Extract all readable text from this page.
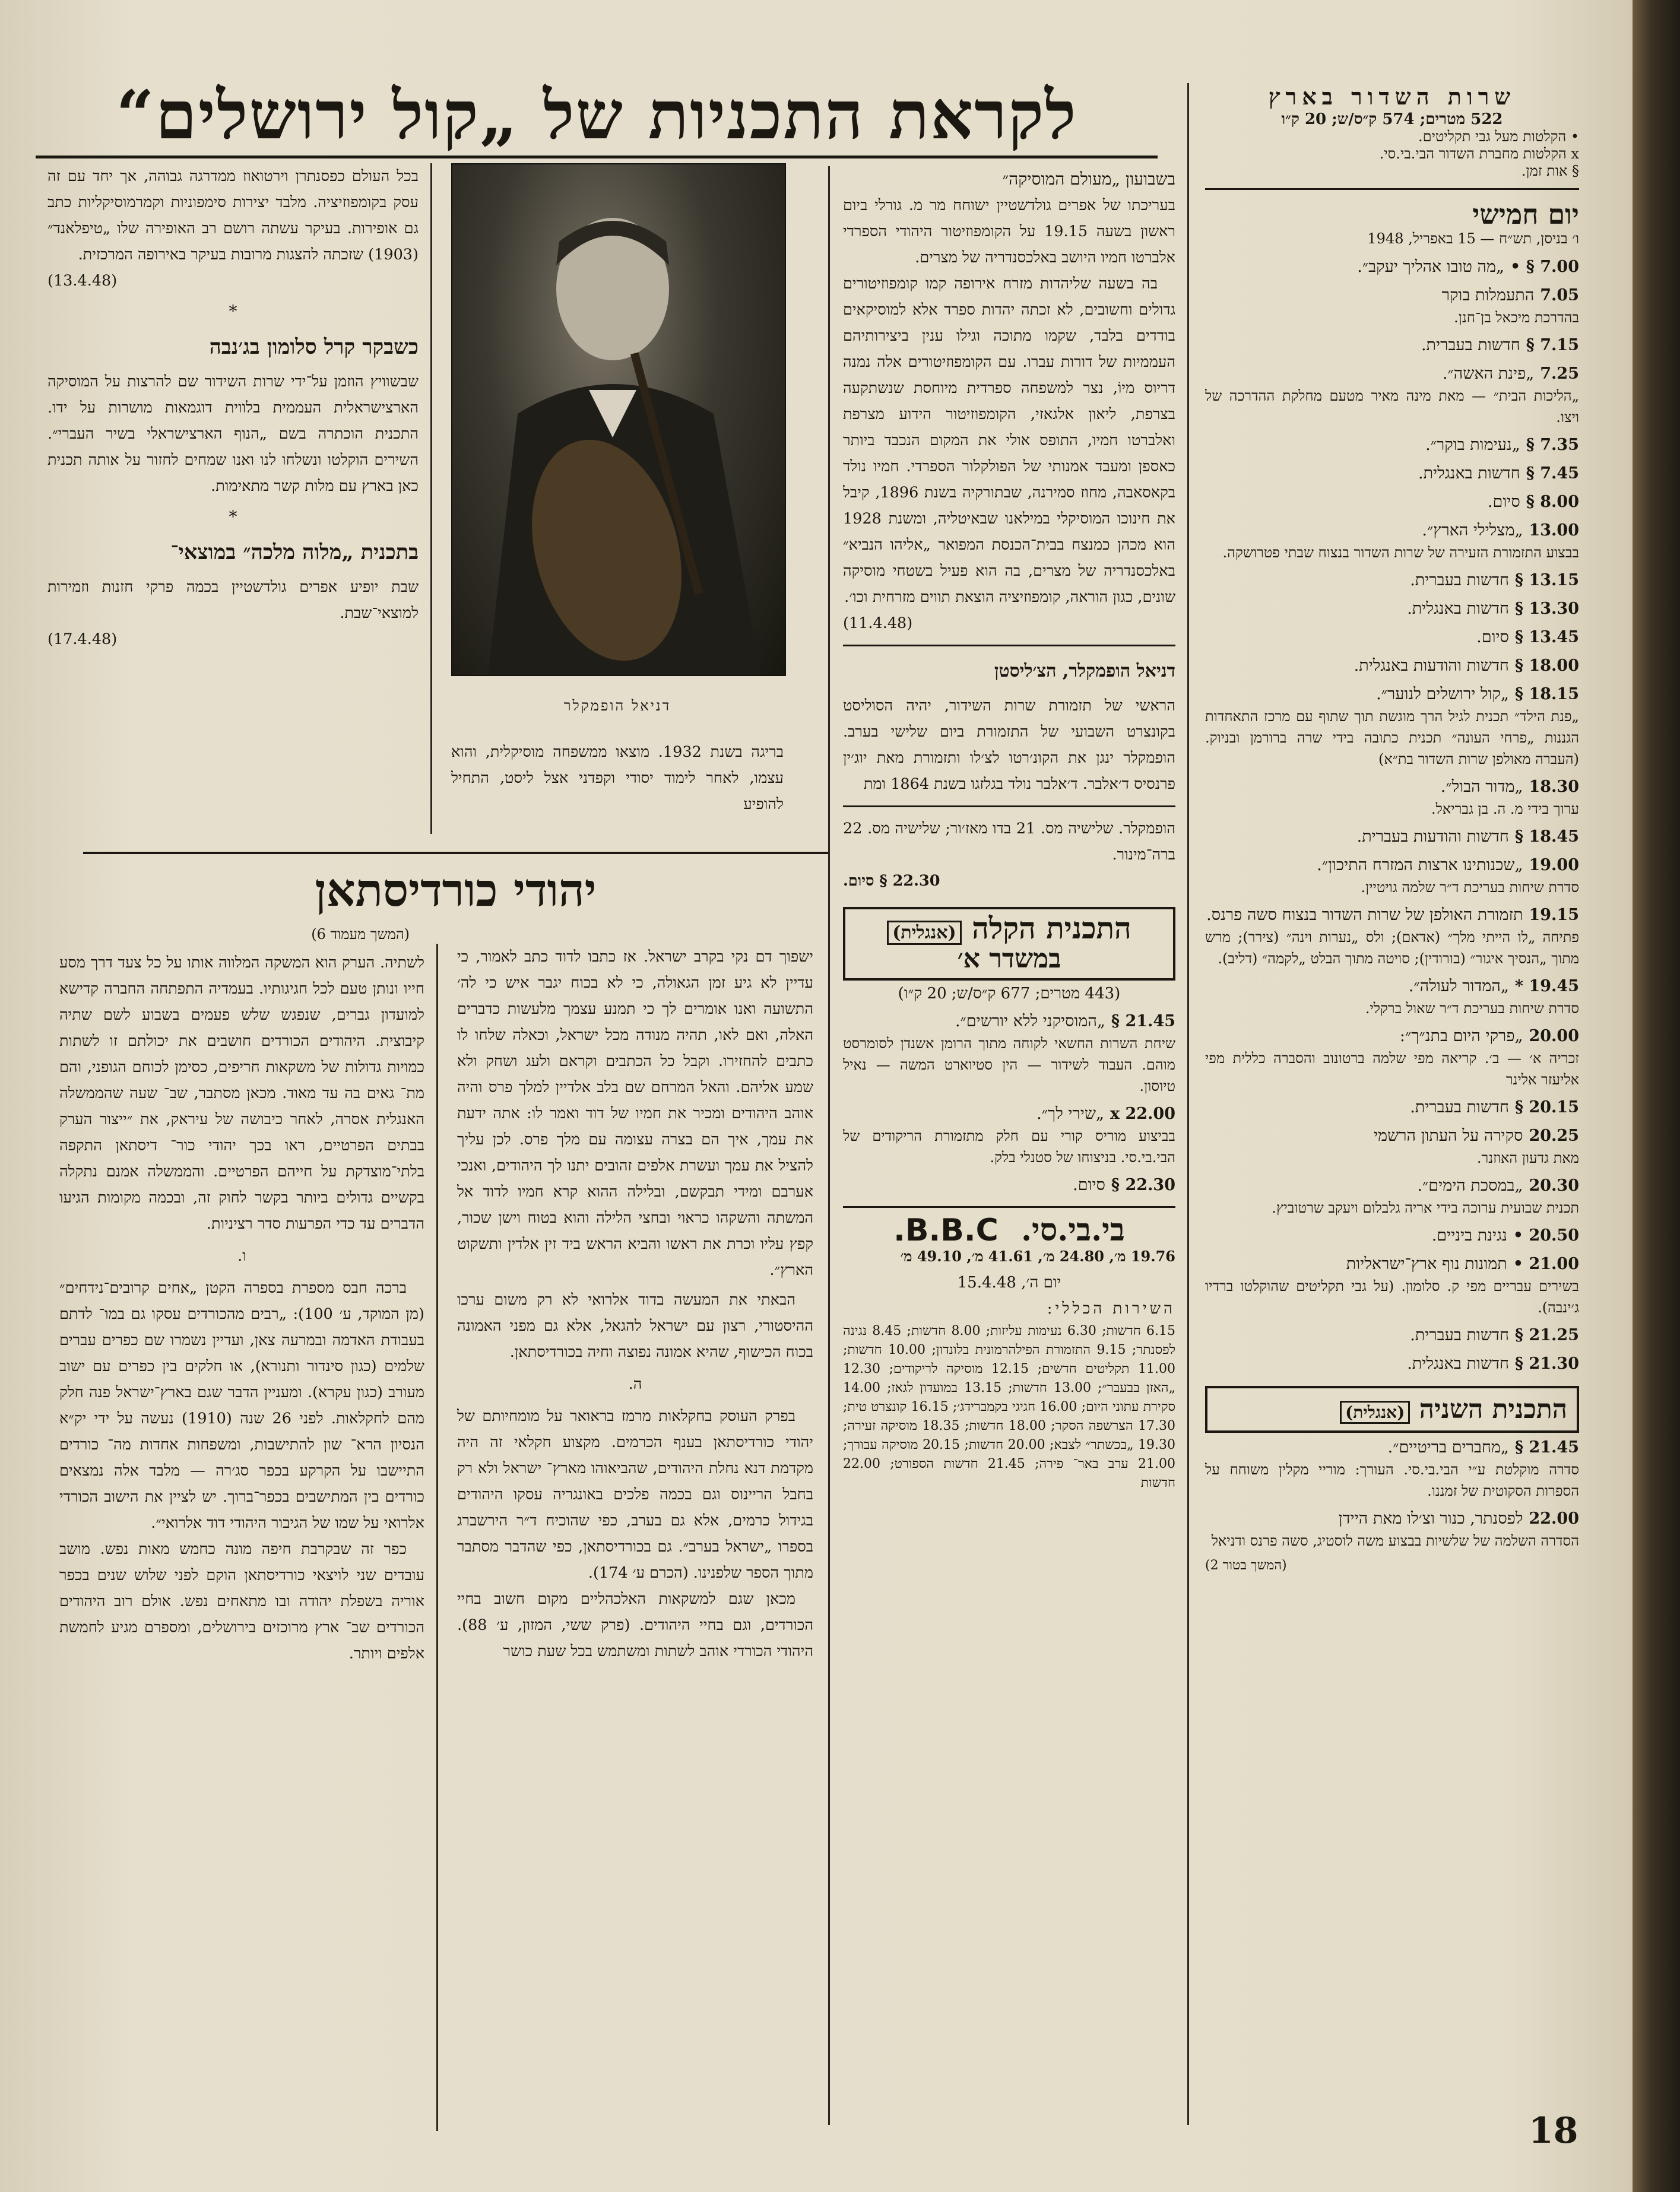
לקראת התכניות של „קול ירושלים“	שרות השדור בארץ
522 מטרים; 574 ק״ס/ש; 20 ק״ו
• הקלטות מעל גבי תקליטים.
x הקלטות מחברת השדור הבי.בי.סי.
§ אות זמן.
יום חמישי
ו׳ בניסן, תש״ח — 15 באפריל, 1948
7.00 § •„מה טובו אהליך יעקב״.
7.05התעמלות בוקר
בהדרכת מיכאל בן־חנן.
7.15 §חדשות בעברית.
7.25„פינת האשה״.
„הליכות הבית״ — מאת מינה מאיר מטעם מחלקת ההדרכה של ויצו.
7.35 §„נעימות בוקר״.
7.45 §חדשות באנגלית.
8.00 §סיום.
13.00„מצלילי הארץ״.
בבצוע התזמורת הזעירה של שרות השדור בנצוח שבתי פטרושקה.
13.15 §חדשות בעברית.
13.30 §חדשות באנגלית.
13.45 §סיום.
18.00 §חדשות והודעות באנגלית.
18.15 §„קול ירושלים לנוער״.
„פנת הילד״ תכנית לגיל הרך מוגשת תוך שתוף עם מרכז התאחדות הגננות „פרחי העונה״ תכנית כתובה בידי שרה ברורמן ובניוק. (העברה מאולפן שרות השדור בת״א)
18.30„מדור הבול״.
ערוך בידי מ. ה. בן גבריאל.
18.45 §חדשות והודעות בעברית.
19.00„שכנותינו ארצות המזרח התיכון״.
סדרת שיחות בעריכת ד״ר שלמה גויטיין.
19.15תזמורת האולפן של שרות השדור בנצוח סשה פרנס.
פתיחה „לו הייתי מלך״ (אדאם); ולס „נערות וינה״ (צירר); מרש מתוך „הנסיך איגור״ (בורודין); סויטה מתוך הבלט „לקמה״ (דליב).
19.45 *„המדור לעולה״.
סדרת שיחות בעריכת ד״ר שאול ברקלי.
20.00„פרקי היום בתנ״ך״:
זכריה א׳ — ב׳. קריאה מפי שלמה ברטונוב והסברה כללית מפי אליעזר אלינר
20.15 §חדשות בעברית.
20.25סקירה על העתון הרשמי
מאת גדעון האוזנר.
20.30„במסכת הימים״.
תכנית שבועית ערוכה בידי אריה גלבלום ויעקב שרטוביץ.
20.50 •נגינת ביניים.
21.00 •תמונות נוף ארץ־ישראליות
בשירים עבריים מפי ק. סלומון. (על גבי תקליטים שהוקלטו ברדיו ג׳ינבה).
21.25 §חדשות בעברית.
21.30 §חדשות באנגלית.
התכנית השניה (אנגלית)
21.45 §„מחברים בריטיים״.
סדרה מוקלטת ע״י הבי.בי.סי. העורך: מוריי מקלין משוחח על הספרות הסקוטית של זמננו.
22.00לפסנתר, כנור וצ׳לו מאת היידן
הסדרה השלמה של שלשיות בבצוע משה לוסטיג, סשה פרנס ודניאל
(המשך בטור 2)
בשבועון „מעולם המוסיקה״
בעריכתו של אפרים גולדשטיין ישוחח מר מ. גורלי ביום ראשון בשעה 19.15 על הקומפוזיטור היהודי הספרדי אלברטו חמיו היושב באלכסנדריה של מצרים.
בה בשעה שליהדות מזרח אירופה קמו קומפוזיטורים גדולים וחשובים, לא זכתה יהדות ספרד אלא למוסיקאים בודדים בלבד, שקמו מתוכה וגילו ענין ביצירותיהם העממיות של דורות עברו. עם הקומפוזיטורים אלה נמנה דריוס מיוֹ, נצר למשפחה ספרדית מיוחסת שנשתקעה בצרפת, ליאון אלגאזי, הקומפוזיטור הידוע מצרפת ואלברטו חמיו, התופס אולי את המקום הנכבד ביותר כאספן ומעבד אמנותי של הפולקלור הספרדי. חמיו נולד בקאסאבה, מחוז סמירנה, שבתורקיה בשנת 1896, קיבל את חינוכו המוסיקלי במילאנו שבאיטליה, ומשנת 1928 הוא מכהן כמנצח בבית־הכנסת המפואר „אליהו הנביא״ באלכסנדריה של מצרים, בה הוא פעיל בשטחי מוסיקה שונים, כגון הוראה, קומפוזיציה הוצאת תווים מזרחית וכו׳.
(11.4.48)
דניאל הופמקלר, הצ׳ליסטן
הראשי של תזמורת שרות השידור, יהיה הסוליסט בקונצרט השבועי של התזמורת ביום שלישי בערב. הופמקלר ינגן את הקונ׳רטו לצ׳לו ותזמורת מאת יוג׳ין פרנסיס ד׳אלבר. ד׳אלבר נולד בגלזגו בשנת 1864 ומת
הופמקלר. שלישיה מס. 21 בדו מאז׳ור; שלישיה מס. 22 ברה־מינור.
22.30 § סיום.
התכנית הקלה (אנגלית)
במשדר א׳
(443 מטרים; 677 ק״ס/ש; 20 ק״ו)
21.45 §„המוסיקני ללא יורשים״.
שיחת השרות החשאי לקוחה מתוך הרומן אשנדן לסומרסט מוהם. העבוד לשידור — הין סטיוארט המשה — נאיל טיוסון.
22.00 x„שירי לך״.
בביצוע מוריס קורי עם חלק מתזמורת הריקודים של הבי.בי.סי. בניצוחו של סטנלי בלק.
22.30 §סיום.
בי.בי.סי. B.B.C.
19.76 מ׳, 24.80 מ׳, 41.61 מ׳, 49.10 מ׳
יום ה׳, 15.4.48
השירות הכללי:
6.15 חדשות; 6.30 נעימות עליזות; 8.00 חדשות; 8.45 נגינה לפסנתר; 9.15 התזמורת הפילהרמונית בלונדון; 10.00 חדשות; 11.00 תקליטים חדשים; 12.15 מוסיקה לריקודים; 12.30 „האזן בבעבר״; 13.00 חדשות; 13.15 במועדון לגאז; 14.00 סקירת עתוני היום; 16.00 חגיגי בקמברידג׳; 16.15 קונצרט טית; 17.30 הצרשפה הסקר; 18.00 חדשות; 18.35 מוסיקה זעירה; 19.30 „בכשתר״ לצבא; 20.00 חדשות; 20.15 מוסיקה עבורך; 21.00 ערב באר־ פירה; 21.45 חדשות הספורט; 22.00 חדשות
דניאל הופמקלר
בריגה בשנת 1932. מוצאו ממשפחה מוסיקלית, והוא עצמו, לאחר לימוד יסודי וקפדני אצל ליסט, התחיל להופיע
בכל העולם כפסנתרן וירטואוז ממדרגה גבוהה, אך יחד עם זה עסק בקומפוזיציה. מלבד יצירות סימפוניות וקמרמוסיקליות כתב גם אופירות. בעיקר עשתה רושם רב האופירה שלו „טיפלאנד״ (1903) שזכתה להצגות מרובות בעיקר באירופה המרכזית.
(13.4.48)
*
כשבקר קרל סלומון בג׳נבה
שבשוויץ הוזמן על־ידי שרות השידור שם להרצות על המוסיקה הארצישראלית העממית בלווית דוגמאות מושרות על ידו. התכנית הוכתרה בשם „הנוף הארצישראלי בשיר העברי״. השירים הוקלטו ונשלחו לנו ואנו שמחים לחזור על אותה תכנית כאן בארץ עם מלות קשר מתאימות.
*
בתכנית „מלוה מלכה״ במוצאי־
שבת יופיע אפרים גולדשטיין בכמה פרקי חזנות וזמירות למוצאי־שבת.
(17.4.48)
יהודי כורדיסתאן
(המשך מעמוד 6)
ישפוך דם נקי בקרב ישראל. אז כתבו לדוד כתב לאמור, כי עדיין לא גיע זמן הגאולה, כי לא בכוח יגבר איש כי לה׳ התשועה ואנו אומרים לך כי תמנע עצמך מלעשות כדברים האלה, ואם לאו, תהיה מנודה מכל ישראל, וכאלה שלחו לו כתבים להחזירו. וקבל כל הכתבים וקראם ולעג ושחק ולא שמע אליהם. והאל המרחם שם בלב אלדיין למלך פרס והיה אוהב היהודים ומכיר את חמיו של דוד ואמר לו: אתה ידעת את עמך, איך הם בצרה עצומה עם מלך פרס. לכן עליך להציל את עמך ועשרת אלפים זהובים יתנו לך היהודים, ואנכי אערבם ומידי תבקשם, ובלילה ההוא קרא חמיו לדוד אל המשתה והשקהו כראוי ובחצי הלילה והוא בטוח וישן שכור, קפץ עליו וכרת את ראשו והביא הראש ביד זין אלדין ותשקוט הארץ״.
הבאתי את המעשה בדוד אלרואי לא רק משום ערכו ההיסטורי, רצון עם ישראל להגאל, אלא גם מפני האמונה בכוח הכישוף, שהיא אמונה נפוצה וחיה בכורדיסתאן.
ה.
בפרק העוסק בחקלאות מרמז בראואר על מומחיותם של יהודי כורדיסתאן בענף הכרמים. מקצוע חקלאי זה היה מקדמת דנא נחלת היהודים, שהביאוהו מארץ־ ישראל ולא רק בחבל הריינוס וגם בכמה פלכים באונגריה עסקו היהודים בגידול כרמים, אלא גם בערב, כפי שהוכיח ד״ר הירשברג בספרו „ישראל בערב״. גם בכורדיסתאן, כפי שהדבר מסתבר מתוך הספר שלפנינו. (הכרם ע׳ 174).
מכאן שגם למשקאות האלכהליים מקום חשוב בחיי הכורדים, וגם בחיי היהודים. (פרק ששי, המזון, ע׳ 88). היהודי הכורדי אוהב לשתות ומשתמש בכל שעת כושר
לשתיה. הערק הוא המשקה המלווה אותו על כל צעד דרך מסע חייו ונותן טעם לכל חגיגותיו. בעמדיה התפתחה החברה קדישא למועדון גברים, שנפגש שלש פעמים בשבוע לשם שתיה קיבוצית. היהודים הכורדים חושבים את יכולתם זו לשתות כמויות גדולות של משקאות חריפים, כסימן לכוחם הגופני, והם מת־ גאים בה עד מאוד. מכאן מסתבר, שב־ שעה שהממשלה האנגלית אסרה, לאחר כיבושה של עיראק, את ״ייצור הערק בבתים הפרטיים, ראו בכך יהודי כור־ דיסתאן התקפה בלתי־מוצדקת על חייהם הפרטיים. והממשלה אמנם נתקלה בקשיים גדולים ביותר בקשר לחוק זה, ובכמה מקומות הגיעו הדברים עד כדי הפרעות סדר רציניות.
ו.
ברכה חבס מספרת בספרה הקטן „אחים קרובים־נידחים״ (מן המוקד, ע׳ 100): „רבים מהכורדים עסקו גם במו־ לדתם בעבודת האדמה ובמרעה צאן, ועדיין נשמרו שם כפרים עברים שלמים (כגון סינדור ותנורא), או חלקים בין כפרים עם ישוב מעורב (כגון עקרא). ומעניין הדבר שגם בארץ־ישראל פנה חלק מהם לחקלאות. לפני 26 שנה (1910) נעשה על ידי יק״א הנסיון הרא־ שון להתישבות, ומשפחות אחדות מה־ כורדים התיישבו על הקרקע בכפר סג׳רה — מלבד אלה נמצאים כורדים בין המתישבים בכפר־ברוך. יש לציין את הישוב הכורדי אלרואי על שמו של הגיבור היהודי דוד אלרואי״.
כפר זה שבקרבת חיפה מונה כחמש מאות נפש. מושב עובדים שני לויצאי כורדיסתאן הוקם לפני שלוש שנים בכפר אוריה בשפלת יהודה ובו מתאחים נפש. אולם רוב היהודים הכורדים שב־ ארץ מרוכזים בירושלים, ומספרם מגיע לחמשת אלפים ויותר.
18
